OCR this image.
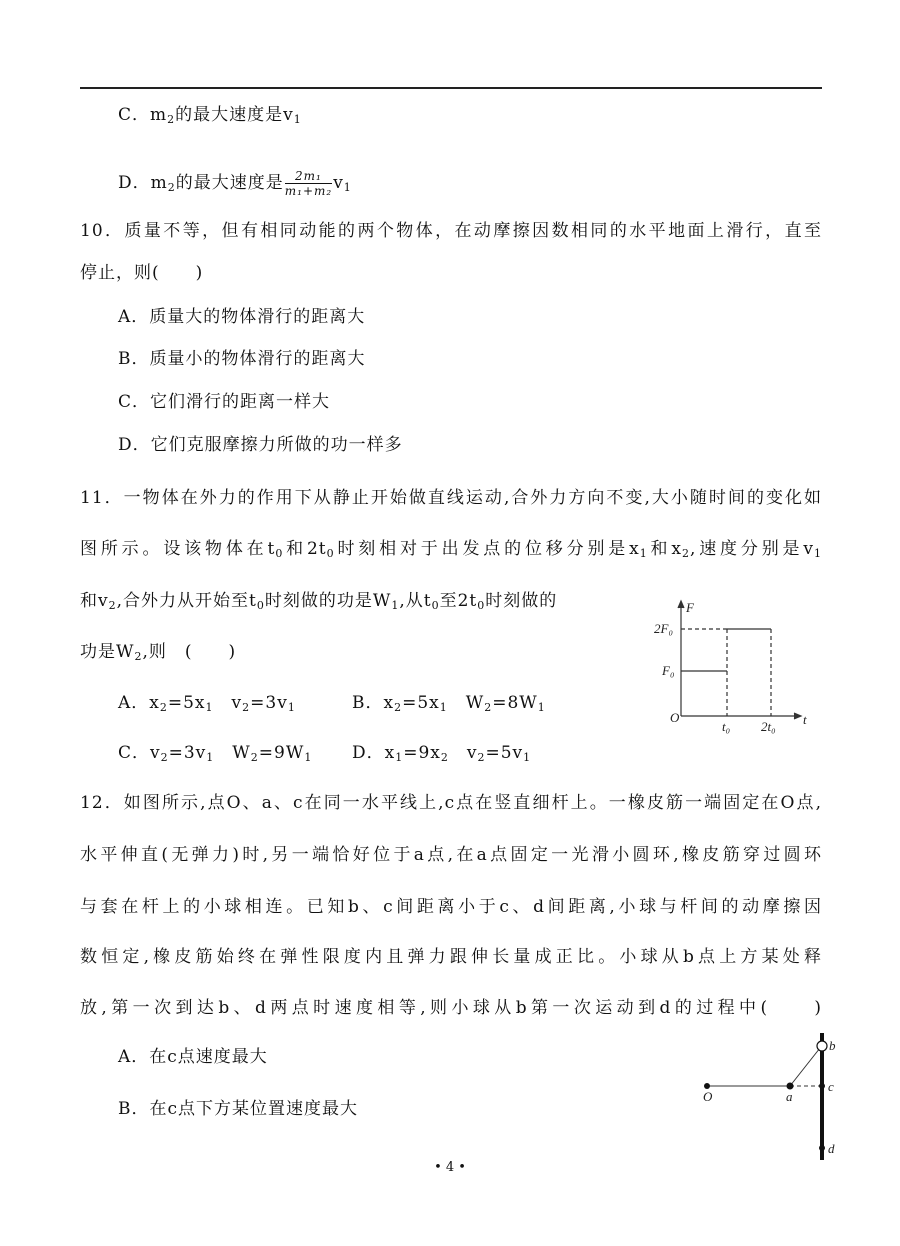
C．$m_2$的最大速度是$v_1$
D．$m_2$的最大速度是 $\frac{\text{2m₁}}{\text{m₁+m₂}} v_1$
10．质量不等，但有相同动能的两个物体，在动摩擦因数相同的水平地面上滑行，直至
停止，则(　　)
A．质量大的物体滑行的距离大
B．质量小的物体滑行的距离大
C．它们滑行的距离一样大
D．它们克服摩擦力所做的功一样多
11．一物体在外力的作用下从静止开始做直线运动,合外力方向不变,大小随时间的变化如
图所示。设该物体在$t_0$和$2t_0$时刻相对于出发点的位移分别是$x_1$和$x_2$,速度分别是$v_1$
和$v_2$,合外力从开始至$t_0$时刻做的功是$W_1$,从$t_0$至$2t_0$时刻做的
功是$W_2$,则　(　　)
A．$x_2=5x_1$　$v_2=3v_1$	B．$x_2=5x_1$　$W_2=8W_1$
C．$v_2=3v_1$　$W_2=9W_1$ D．$x_1=9x_2$　$v_2=5v_1$
12．如图所示,点O、a、c在同一水平线上,c点在竖直细杆上。一橡皮筋一端固定在O点,
水平伸直(无弹力)时,另一端恰好位于a点,在a点固定一光滑小圆环,橡皮筋穿过圆环
与套在杆上的小球相连。已知b、c间距离小于c、d间距离,小球与杆间的动摩擦因
数恒定,橡皮筋始终在弹性限度内且弹力跟伸长量成正比。小球从b点上方某处释
放,第一次到达b、d两点时速度相等,则小球从b第一次运动到d的过程中(　　)
A．在c点速度最大
B．在c点下方某位置速度最大
F
t
O
F₀
2F₀
t₀ 2t₀
O	a
b
c
d
• 4 •
